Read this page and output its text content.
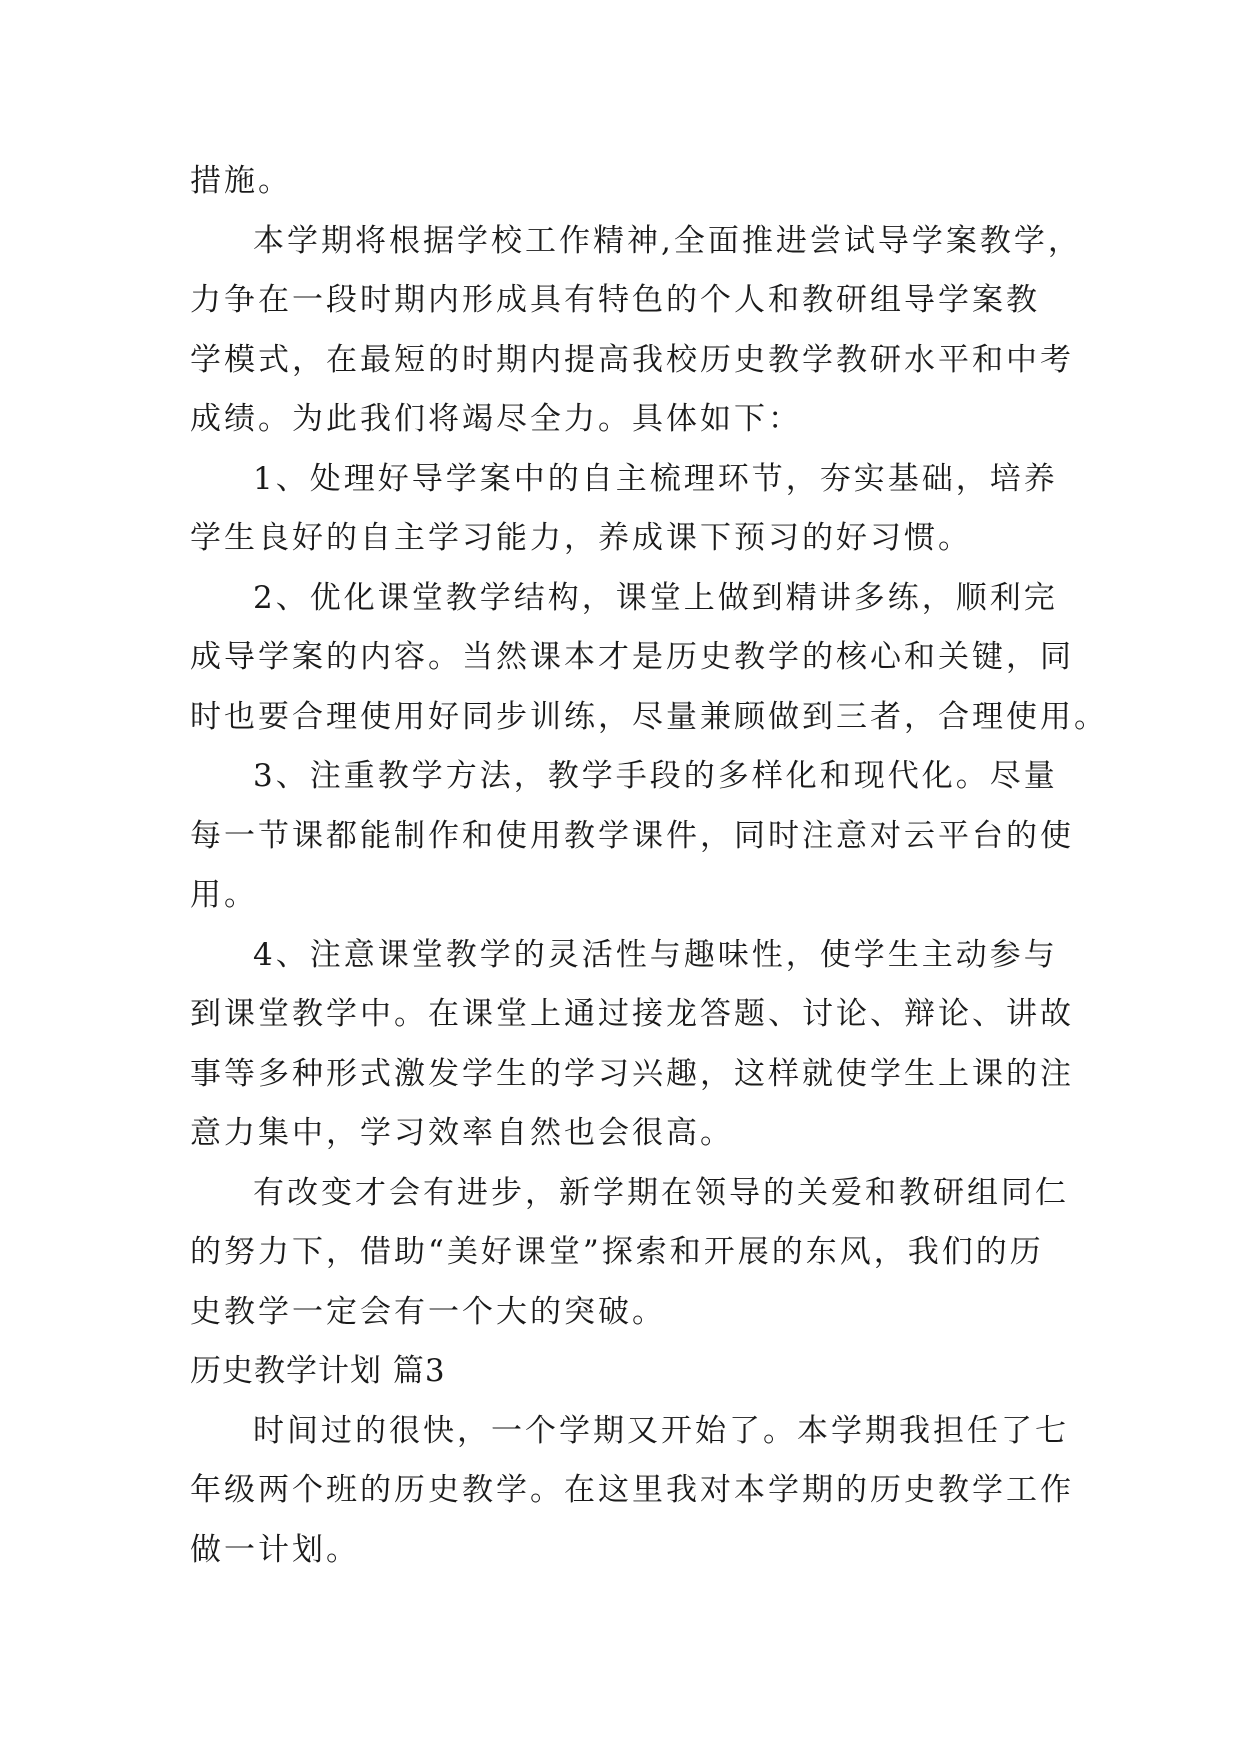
措施。
本学期将根据学校工作精神,全面推进尝试导学案教学，
力争在一段时期内形成具有特色的个人和教研组导学案教
学模式，在最短的时期内提高我校历史教学教研水平和中考
成绩。为此我们将竭尽全力。具体如下：
1、处理好导学案中的自主梳理环节，夯实基础，培养
学生良好的自主学习能力，养成课下预习的好习惯。
2、优化课堂教学结构，课堂上做到精讲多练，顺利完
成导学案的内容。当然课本才是历史教学的核心和关键，同
时也要合理使用好同步训练，尽量兼顾做到三者，合理使用。
3、注重教学方法，教学手段的多样化和现代化。尽量
每一节课都能制作和使用教学课件，同时注意对云平台的使
用。
4、注意课堂教学的灵活性与趣味性，使学生主动参与
到课堂教学中。在课堂上通过接龙答题、讨论、辩论、讲故
事等多种形式激发学生的学习兴趣，这样就使学生上课的注
意力集中，学习效率自然也会很高。
有改变才会有进步，新学期在领导的关爱和教研组同仁
的努力下，借助“美好课堂”探索和开展的东风，我们的历
史教学一定会有一个大的突破。
历史教学计划 篇3
时间过的很快，一个学期又开始了。本学期我担任了七
年级两个班的历史教学。在这里我对本学期的历史教学工作
做一计划。
